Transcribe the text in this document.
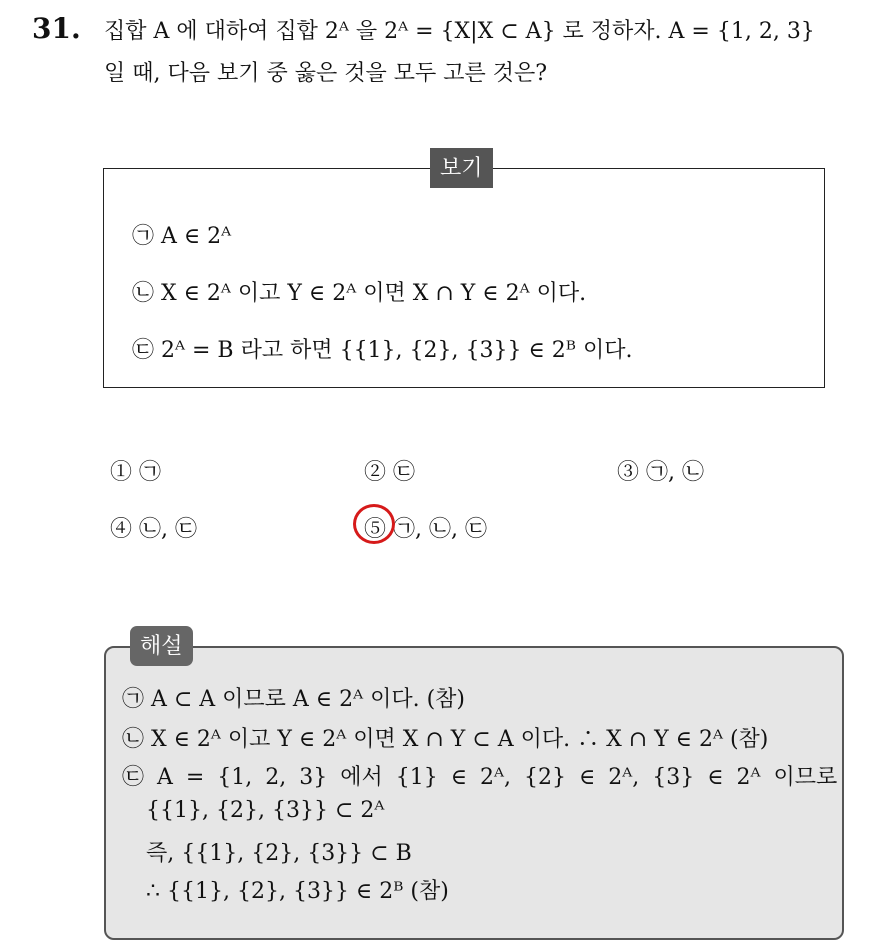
31. 집합 A 에 대하여 집합 2ᴬ 을 2ᴬ = {X|X ⊂ A} 로 정하자. A = {1, 2, 3}
일 때, 다음 보기 중 옳은 것을 모두 고른 것은?
보기
㉠ A ∈ 2ᴬ
㉡ X ∈ 2ᴬ 이고 Y ∈ 2ᴬ 이면 X ∩ Y ∈ 2ᴬ 이다.
㉢ 2ᴬ = B 라고 하면 {{1}, {2}, {3}} ∈ 2ᴮ 이다.
① ㉠	② ㉢	③ ㉠, ㉡
④ ㉡, ㉢	⑤ ㉠, ㉡, ㉢
해설
㉠ A ⊂ A 이므로 A ∈ 2ᴬ 이다. (참)
㉡ X ∈ 2ᴬ 이고 Y ∈ 2ᴬ 이면 X ∩ Y ⊂ A 이다. ∴ X ∩ Y ∈ 2ᴬ (참)
㉢ A = {1, 2, 3} 에서 {1} ∈ 2ᴬ, {2} ∈ 2ᴬ, {3} ∈ 2ᴬ 이므로
{{1}, {2}, {3}} ⊂ 2ᴬ
즉, {{1}, {2}, {3}} ⊂ B
∴ {{1}, {2}, {3}} ∈ 2ᴮ (참)
